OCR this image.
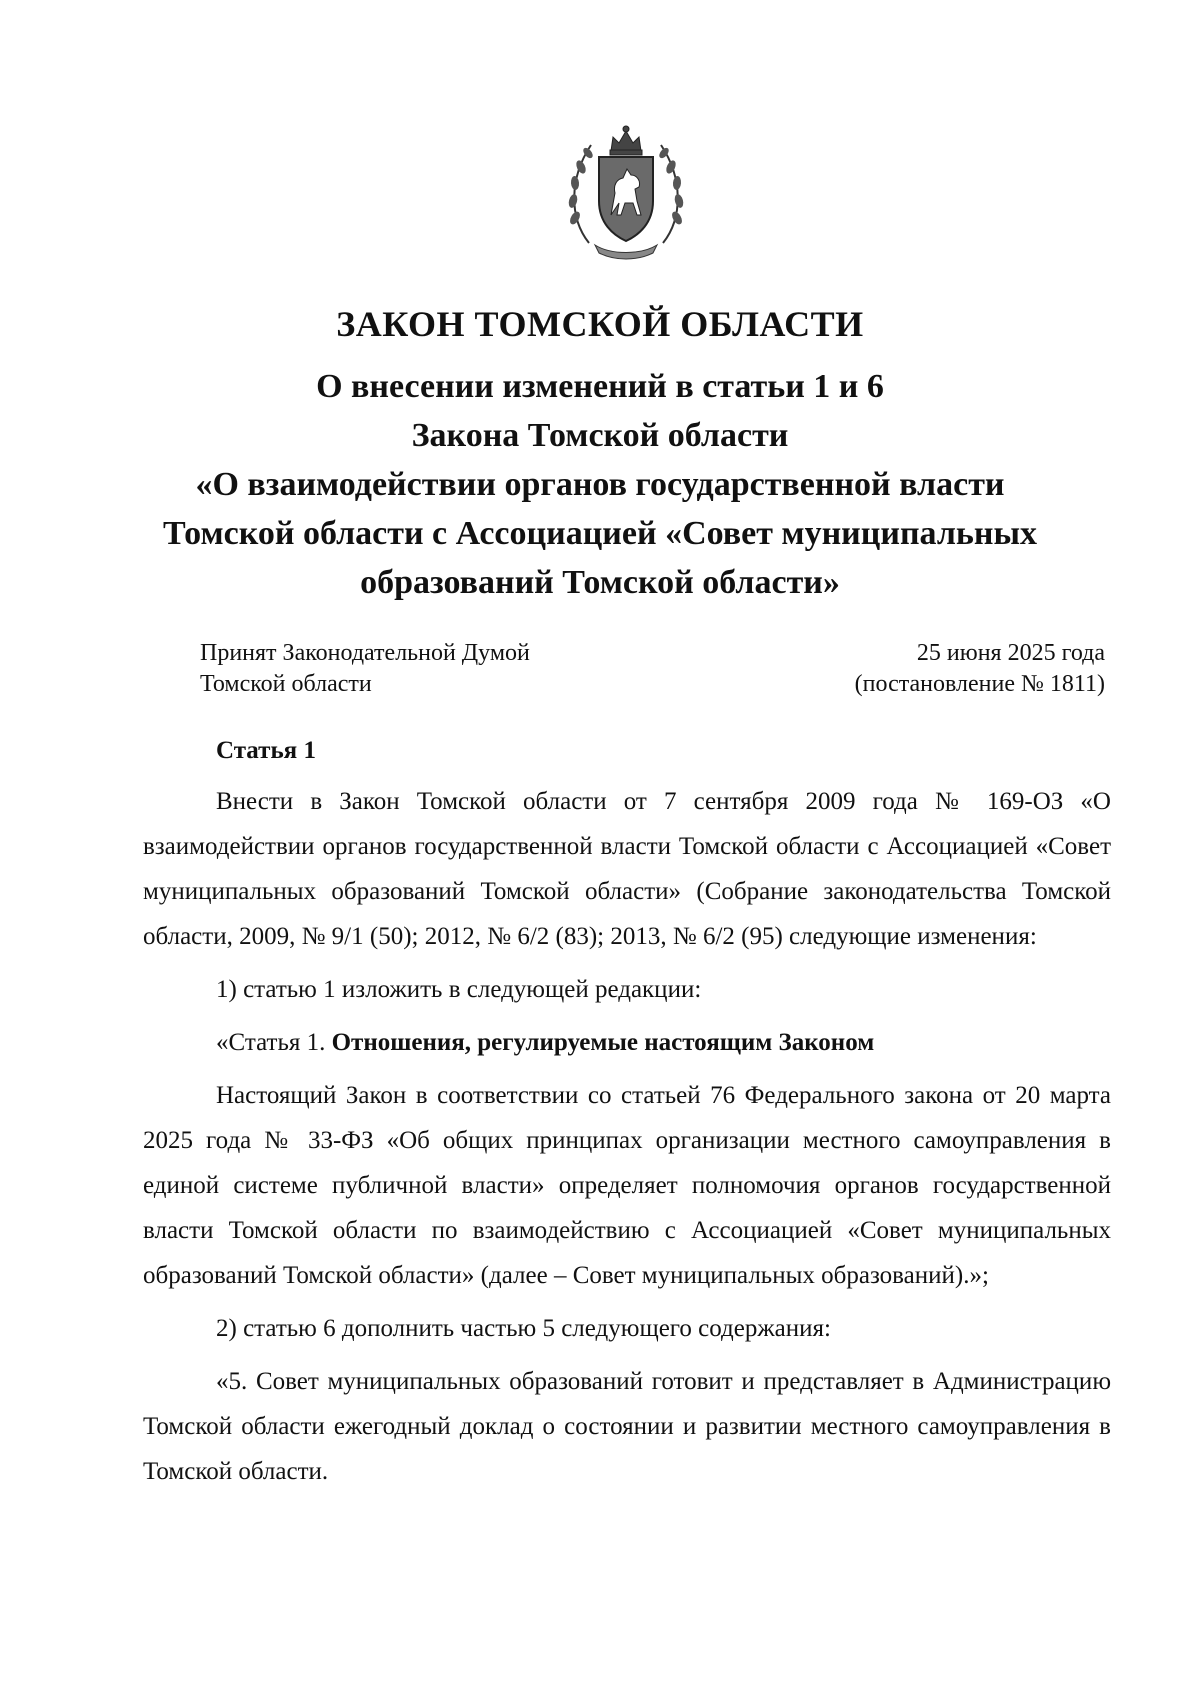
ЗАКОН ТОМСКОЙ ОБЛАСТИ
О внесении изменений в статьи 1 и 6
Закона Томской области
«О взаимодействии органов государственной власти
Томской области с Ассоциацией «Совет муниципальных
образований Томской области»
Принят Законодательной Думой
Томской области
25 июня 2025 года
(постановление № 1811)
Статья 1

Внести в Закон Томской области от 7 сентября 2009 года № 169-ОЗ «О взаимодействии органов государственной власти Томской области с Ассоциацией «Совет муниципальных образований Томской области» (Собрание законодательства Томской области, 2009, № 9/1 (50); 2012, № 6/2 (83); 2013, № 6/2 (95) следующие изменения:

1) статью 1 изложить в следующей редакции:

«Статья 1. Отношения, регулируемые настоящим Законом

Настоящий Закон в соответствии со статьей 76 Федерального закона от 20 марта 2025 года № 33-ФЗ «Об общих принципах организации местного самоуправления в единой системе публичной власти» определяет полномочия органов государственной власти Томской области по взаимодействию с Ассоциацией «Совет муниципальных образований Томской области» (далее – Совет муниципальных образований).»;

2) статью 6 дополнить частью 5 следующего содержания:

«5. Совет муниципальных образований готовит и представляет в Администрацию Томской области ежегодный доклад о состоянии и развитии местного самоуправления в Томской области.
